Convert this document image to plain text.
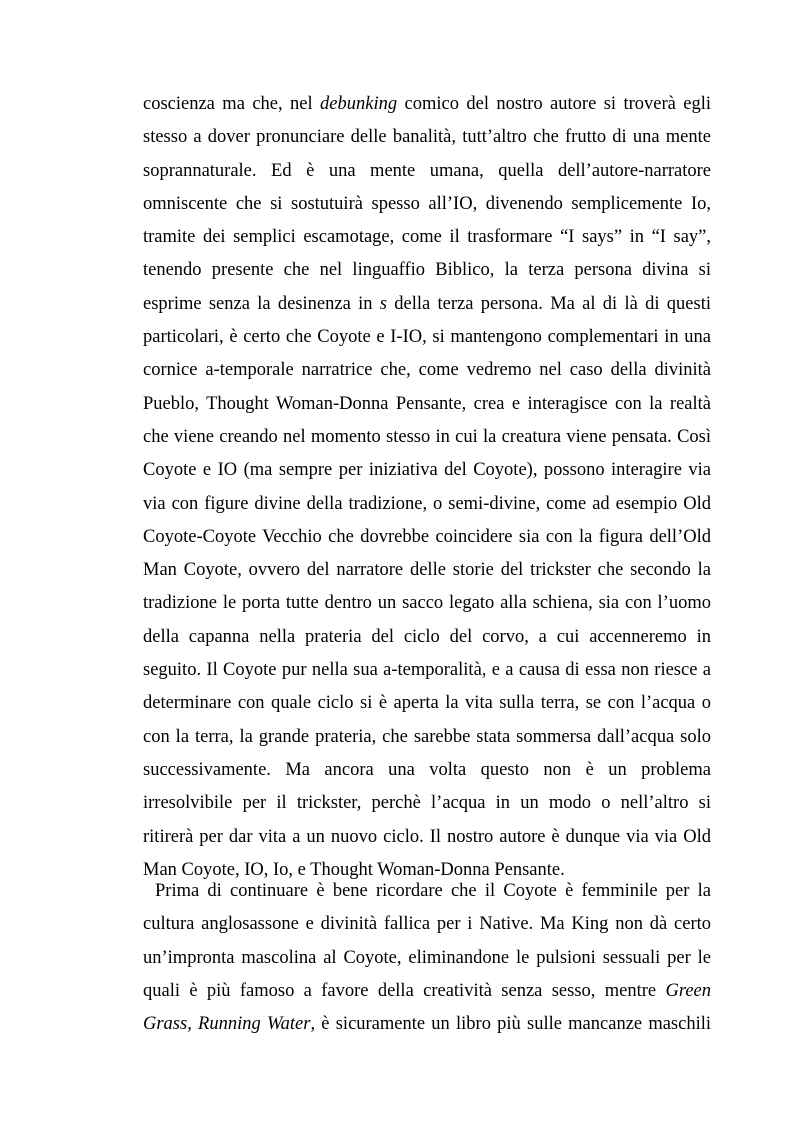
coscienza ma che, nel debunking comico del nostro autore si troverà egli
stesso a dover pronunciare delle banalità, tutt’altro che frutto di una mente
soprannaturale. Ed è una mente umana, quella dell’autore-narratore
omniscente che si sostutuirà spesso all’IO, divenendo semplicemente Io,
tramite dei semplici escamotage, come il trasformare “I says” in “I say”,
tenendo presente che nel linguaffio Biblico, la terza persona divina si
esprime senza la desinenza in s della terza persona. Ma al di là di questi
particolari, è certo che Coyote e I-IO, si mantengono complementari in una
cornice a-temporale narratrice che, come vedremo nel caso della divinità
Pueblo, Thought Woman-Donna Pensante, crea e interagisce con la realtà
che viene creando nel momento stesso in cui la creatura viene pensata. Così
Coyote e IO (ma sempre per iniziativa del Coyote), possono interagire via
via con figure divine della tradizione, o semi-divine, come ad esempio Old
Coyote-Coyote Vecchio che dovrebbe coincidere sia con la figura dell’Old
Man Coyote, ovvero del narratore delle storie del trickster che secondo la
tradizione le porta tutte dentro un sacco legato alla schiena, sia con l’uomo
della capanna nella prateria del ciclo del corvo, a cui accenneremo in
seguito. Il Coyote pur nella sua a-temporalità, e a causa di essa non riesce a
determinare con quale ciclo si è aperta la vita sulla terra, se con l’acqua o
con la terra, la grande prateria, che sarebbe stata sommersa dall’acqua solo
successivamente. Ma ancora una volta questo non è un problema
irresolvibile per il trickster, perchè l’acqua in un modo o nell’altro si
ritirerà per dar vita a un nuovo ciclo. Il nostro autore è dunque via via Old
Man Coyote, IO, Io, e Thought Woman-Donna Pensante.
Prima di continuare è bene ricordare che il Coyote è femminile per la
cultura anglosassone e divinità fallica per i Native. Ma King non dà certo
un’impronta mascolina al Coyote, eliminandone le pulsioni sessuali per le
quali è più famoso a favore della creatività senza sesso, mentre Green
Grass, Running Water, è sicuramente un libro più sulle mancanze maschili
